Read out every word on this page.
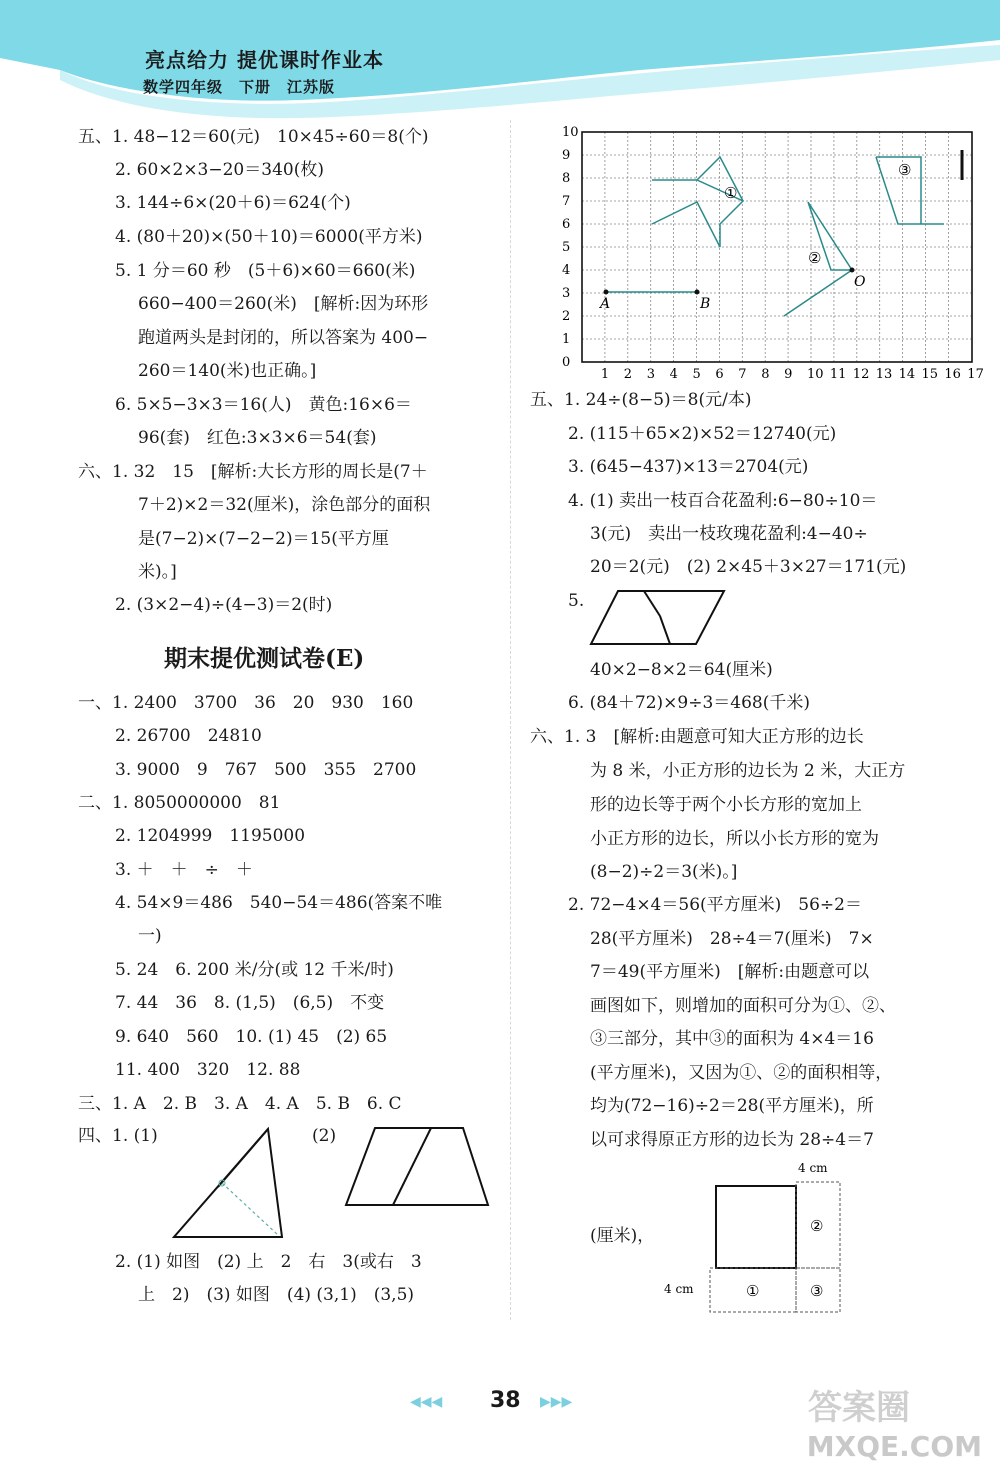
亮点给力 提优课时作业本
数学四年级　下册　江苏版
五、1. 48−12＝60(元)　10×45÷60＝8(个)
2. 60×2×3−20＝340(枚)
3. 144÷6×(20＋6)＝624(个)
4. (80＋20)×(50＋10)＝6000(平方米)
5. 1 分＝60 秒　(5＋6)×60＝660(米)
660−400＝260(米)　[解析:因为环形
跑道两头是封闭的，所以答案为 400−
260＝140(米)也正确。]
6. 5×5−3×3＝16(人)　黄色:16×6＝
96(套)　红色:3×3×6＝54(套)
六、1. 32　15　[解析:大长方形的周长是(7＋
7＋2)×2＝32(厘米)，涂色部分的面积
是(7−2)×(7−2−2)＝15(平方厘
米)。]
2. (3×2−4)÷(4−3)＝2(时)
期末提优测试卷(E)
一、1. 2400　3700　36　20　930　160
2. 26700　24810
3. 9000　9　767　500　355　2700
二、1. 8050000000　81
2. 1204999　1195000
3. ＋　＋　÷　＋
4. 54×9＝486　540−54＝486(答案不唯
一)
5. 24　6. 200 米/分(或 12 千米/时)
7. 44　36　8. (1,5)　(6,5)　不变
9. 640　560　10. (1) 45　(2) 65
11. 400　320　12. 88
三、1. A　2. B　3. A　4. A　5. B　6. C
四、1. (1)	(2)
2. (1) 如图　(2) 上　2　右　3(或右　3
上　2)　(3) 如图　(4) (3,1)　(3,5)
1 2 3 4 5 6 7 8 9 10 11 12 13 14 15 16 17
0
1
2
3
4
5
6
7
8
9
10
A	B
O
①
②
③
五、1. 24÷(8−5)＝8(元/本)
2. (115＋65×2)×52＝12740(元)
3. (645−437)×13＝2704(元)
4. (1) 卖出一枝百合花盈利:6−80÷10＝
3(元)　卖出一枝玫瑰花盈利:4−40÷
20＝2(元)　(2) 2×45＋3×27＝171(元)
5.
40×2−8×2＝64(厘米)
6. (84＋72)×9÷3＝468(千米)
六、1. 3　[解析:由题意可知大正方形的边长
为 8 米，小正方形的边长为 2 米，大正方
形的边长等于两个小长方形的宽加上
小正方形的边长，所以小长方形的宽为
(8−2)÷2＝3(米)。]
2. 72−4×4＝56(平方厘米)　56÷2＝
28(平方厘米)　28÷4＝7(厘米)　7×
7＝49(平方厘米)　[解析:由题意可以
画图如下，则增加的面积可分为①、②、
③三部分，其中③的面积为 4×4＝16
(平方厘米)，又因为①、②的面积相等，
均为(72−16)÷2＝28(平方厘米)，所
以可求得原正方形的边长为 28÷4＝7
(厘米)，
4 cm
4 cm
②
①	③
◀◀◀ 38 ▶▶▶	答案圈
MXQE.COM
